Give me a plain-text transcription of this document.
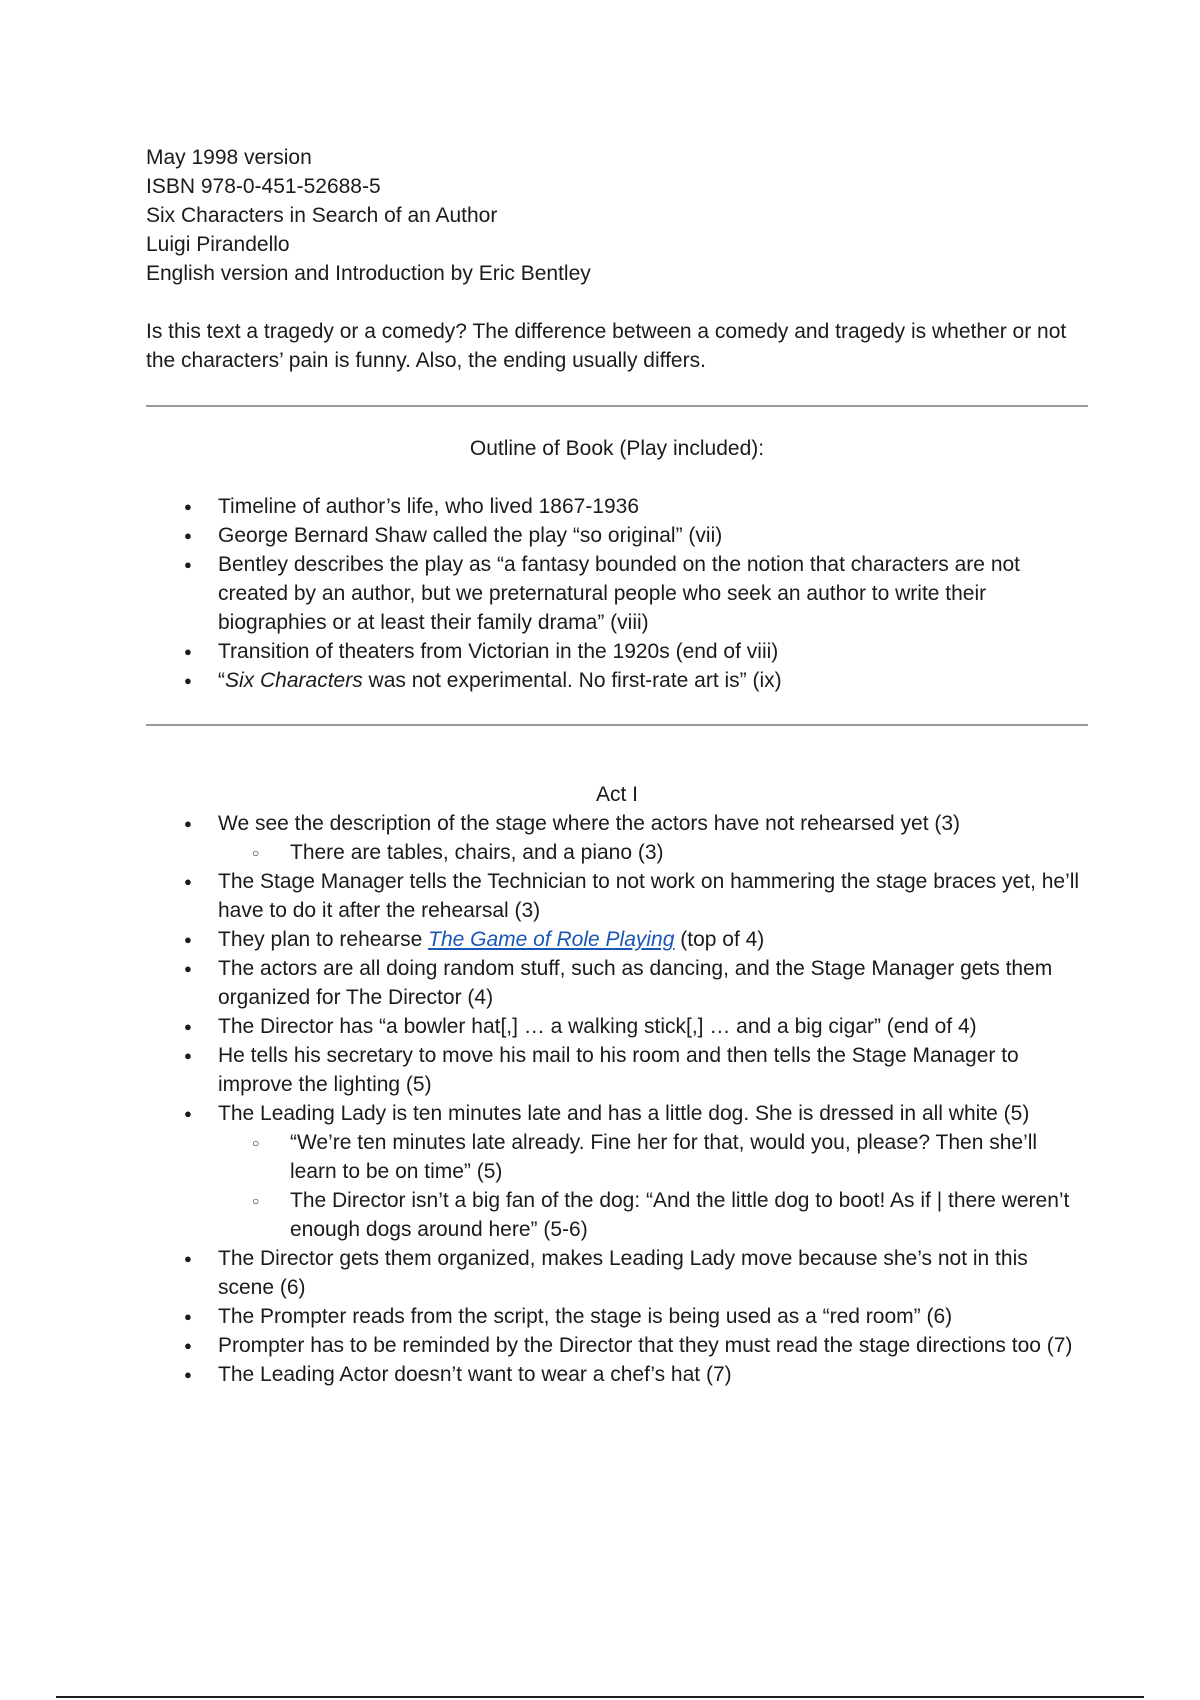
May 1998 version

ISBN 978-0-451-52688-5

Six Characters in Search of an Author

Luigi Pirandello

English version and Introduction by Eric Bentley

Is this text a tragedy or a comedy? The difference between a comedy and tragedy is whether or not the characters’ pain is funny. Also, the ending usually differs.

Outline of Book (Play included):

● Timeline of author’s life, who lived 1867-1936
● George Bernard Shaw called the play “so original” (vii)
● Bentley describes the play as “a fantasy bounded on the notion that characters are not created by an author, but we preternatural people who seek an author to write their biographies or at least their family drama” (viii)
● Transition of theaters from Victorian in the 1920s (end of viii)
● “Six Characters was not experimental. No first-rate art is” (ix)

Act I

● We see the description of the stage where the actors have not rehearsed yet (3)
○ There are tables, chairs, and a piano (3)
● The Stage Manager tells the Technician to not work on hammering the stage braces yet, he’ll have to do it after the rehearsal (3)
● They plan to rehearse The Game of Role Playing (top of 4)
● The actors are all doing random stuff, such as dancing, and the Stage Manager gets them organized for The Director (4)
● The Director has “a bowler hat[,] … a walking stick[,] … and a big cigar” (end of 4)
● He tells his secretary to move his mail to his room and then tells the Stage Manager to improve the lighting (5)
● The Leading Lady is ten minutes late and has a little dog. She is dressed in all white (5)
○ “We’re ten minutes late already. Fine her for that, would you, please? Then she’ll learn to be on time” (5)
○ The Director isn’t a big fan of the dog: “And the little dog to boot! As if | there weren’t enough dogs around here” (5-6)
● The Director gets them organized, makes Leading Lady move because she’s not in this scene (6)
● The Prompter reads from the script, the stage is being used as a “red room” (6)
● Prompter has to be reminded by the Director that they must read the stage directions too (7)
● The Leading Actor doesn’t want to wear a chef’s hat (7)
